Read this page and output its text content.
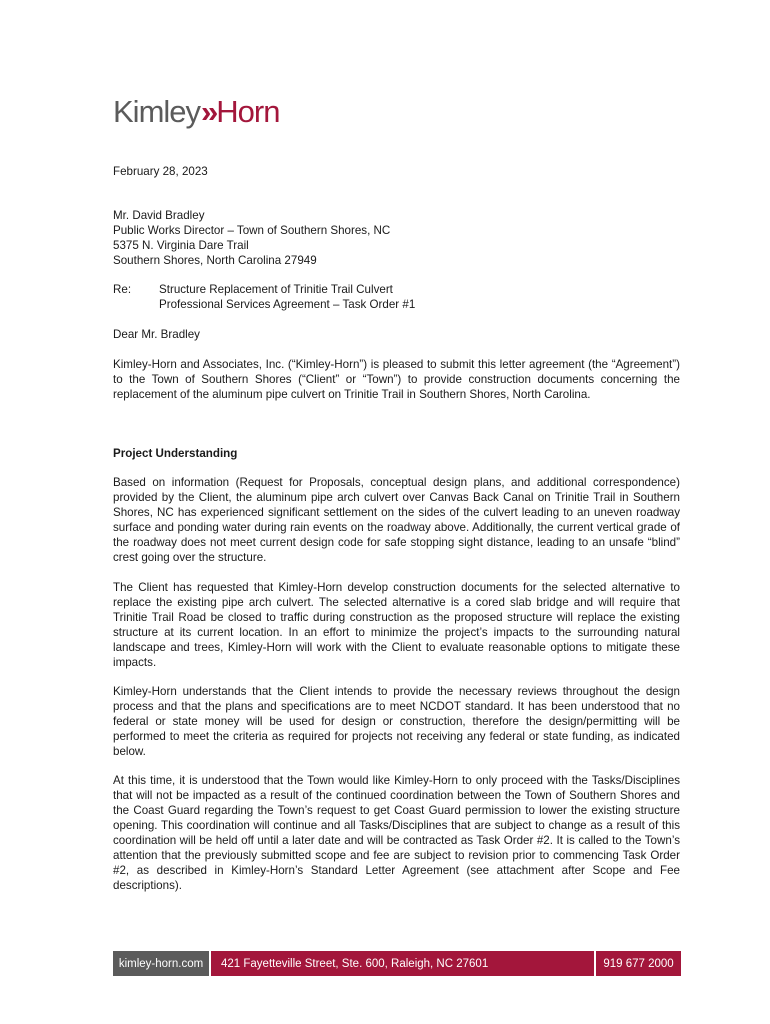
Kimley » Horn
February 28, 2023
Mr. David Bradley
Public Works Director – Town of Southern Shores, NC
5375 N. Virginia Dare Trail
Southern Shores, North Carolina 27949
Re:	Structure Replacement of Trinitie Trail Culvert
Professional Services Agreement – Task Order #1
Dear Mr. Bradley

Kimley-Horn and Associates, Inc. (“Kimley-Horn”) is pleased to submit this letter agreement (the “Agreement”) to the Town of Southern Shores (“Client” or “Town”) to provide construction documents concerning the replacement of the aluminum pipe culvert on Trinitie Trail in Southern Shores, North Carolina.

Project Understanding

Based on information (Request for Proposals, conceptual design plans, and additional correspondence) provided by the Client, the aluminum pipe arch culvert over Canvas Back Canal on Trinitie Trail in Southern Shores, NC has experienced significant settlement on the sides of the culvert leading to an uneven roadway surface and ponding water during rain events on the roadway above. Additionally, the current vertical grade of the roadway does not meet current design code for safe stopping sight distance, leading to an unsafe “blind” crest going over the structure.

The Client has requested that Kimley-Horn develop construction documents for the selected alternative to replace the existing pipe arch culvert. The selected alternative is a cored slab bridge and will require that Trinitie Trail Road be closed to traffic during construction as the proposed structure will replace the existing structure at its current location. In an effort to minimize the project’s impacts to the surrounding natural landscape and trees, Kimley-Horn will work with the Client to evaluate reasonable options to mitigate these impacts.

Kimley-Horn understands that the Client intends to provide the necessary reviews throughout the design process and that the plans and specifications are to meet NCDOT standard. It has been understood that no federal or state money will be used for design or construction, therefore the design/permitting will be performed to meet the criteria as required for projects not receiving any federal or state funding, as indicated below.

At this time, it is understood that the Town would like Kimley-Horn to only proceed with the Tasks/Disciplines that will not be impacted as a result of the continued coordination between the Town of Southern Shores and the Coast Guard regarding the Town’s request to get Coast Guard permission to lower the existing structure opening. This coordination will continue and all Tasks/Disciplines that are subject to change as a result of this coordination will be held off until a later date and will be contracted as Task Order #2. It is called to the Town’s attention that the previously submitted scope and fee are subject to revision prior to commencing Task Order #2, as described in Kimley-Horn’s Standard Letter Agreement (see attachment after Scope and Fee descriptions).

kimley-horn.com	421 Fayetteville Street, Ste. 600, Raleigh, NC 27601	919 677 2000
